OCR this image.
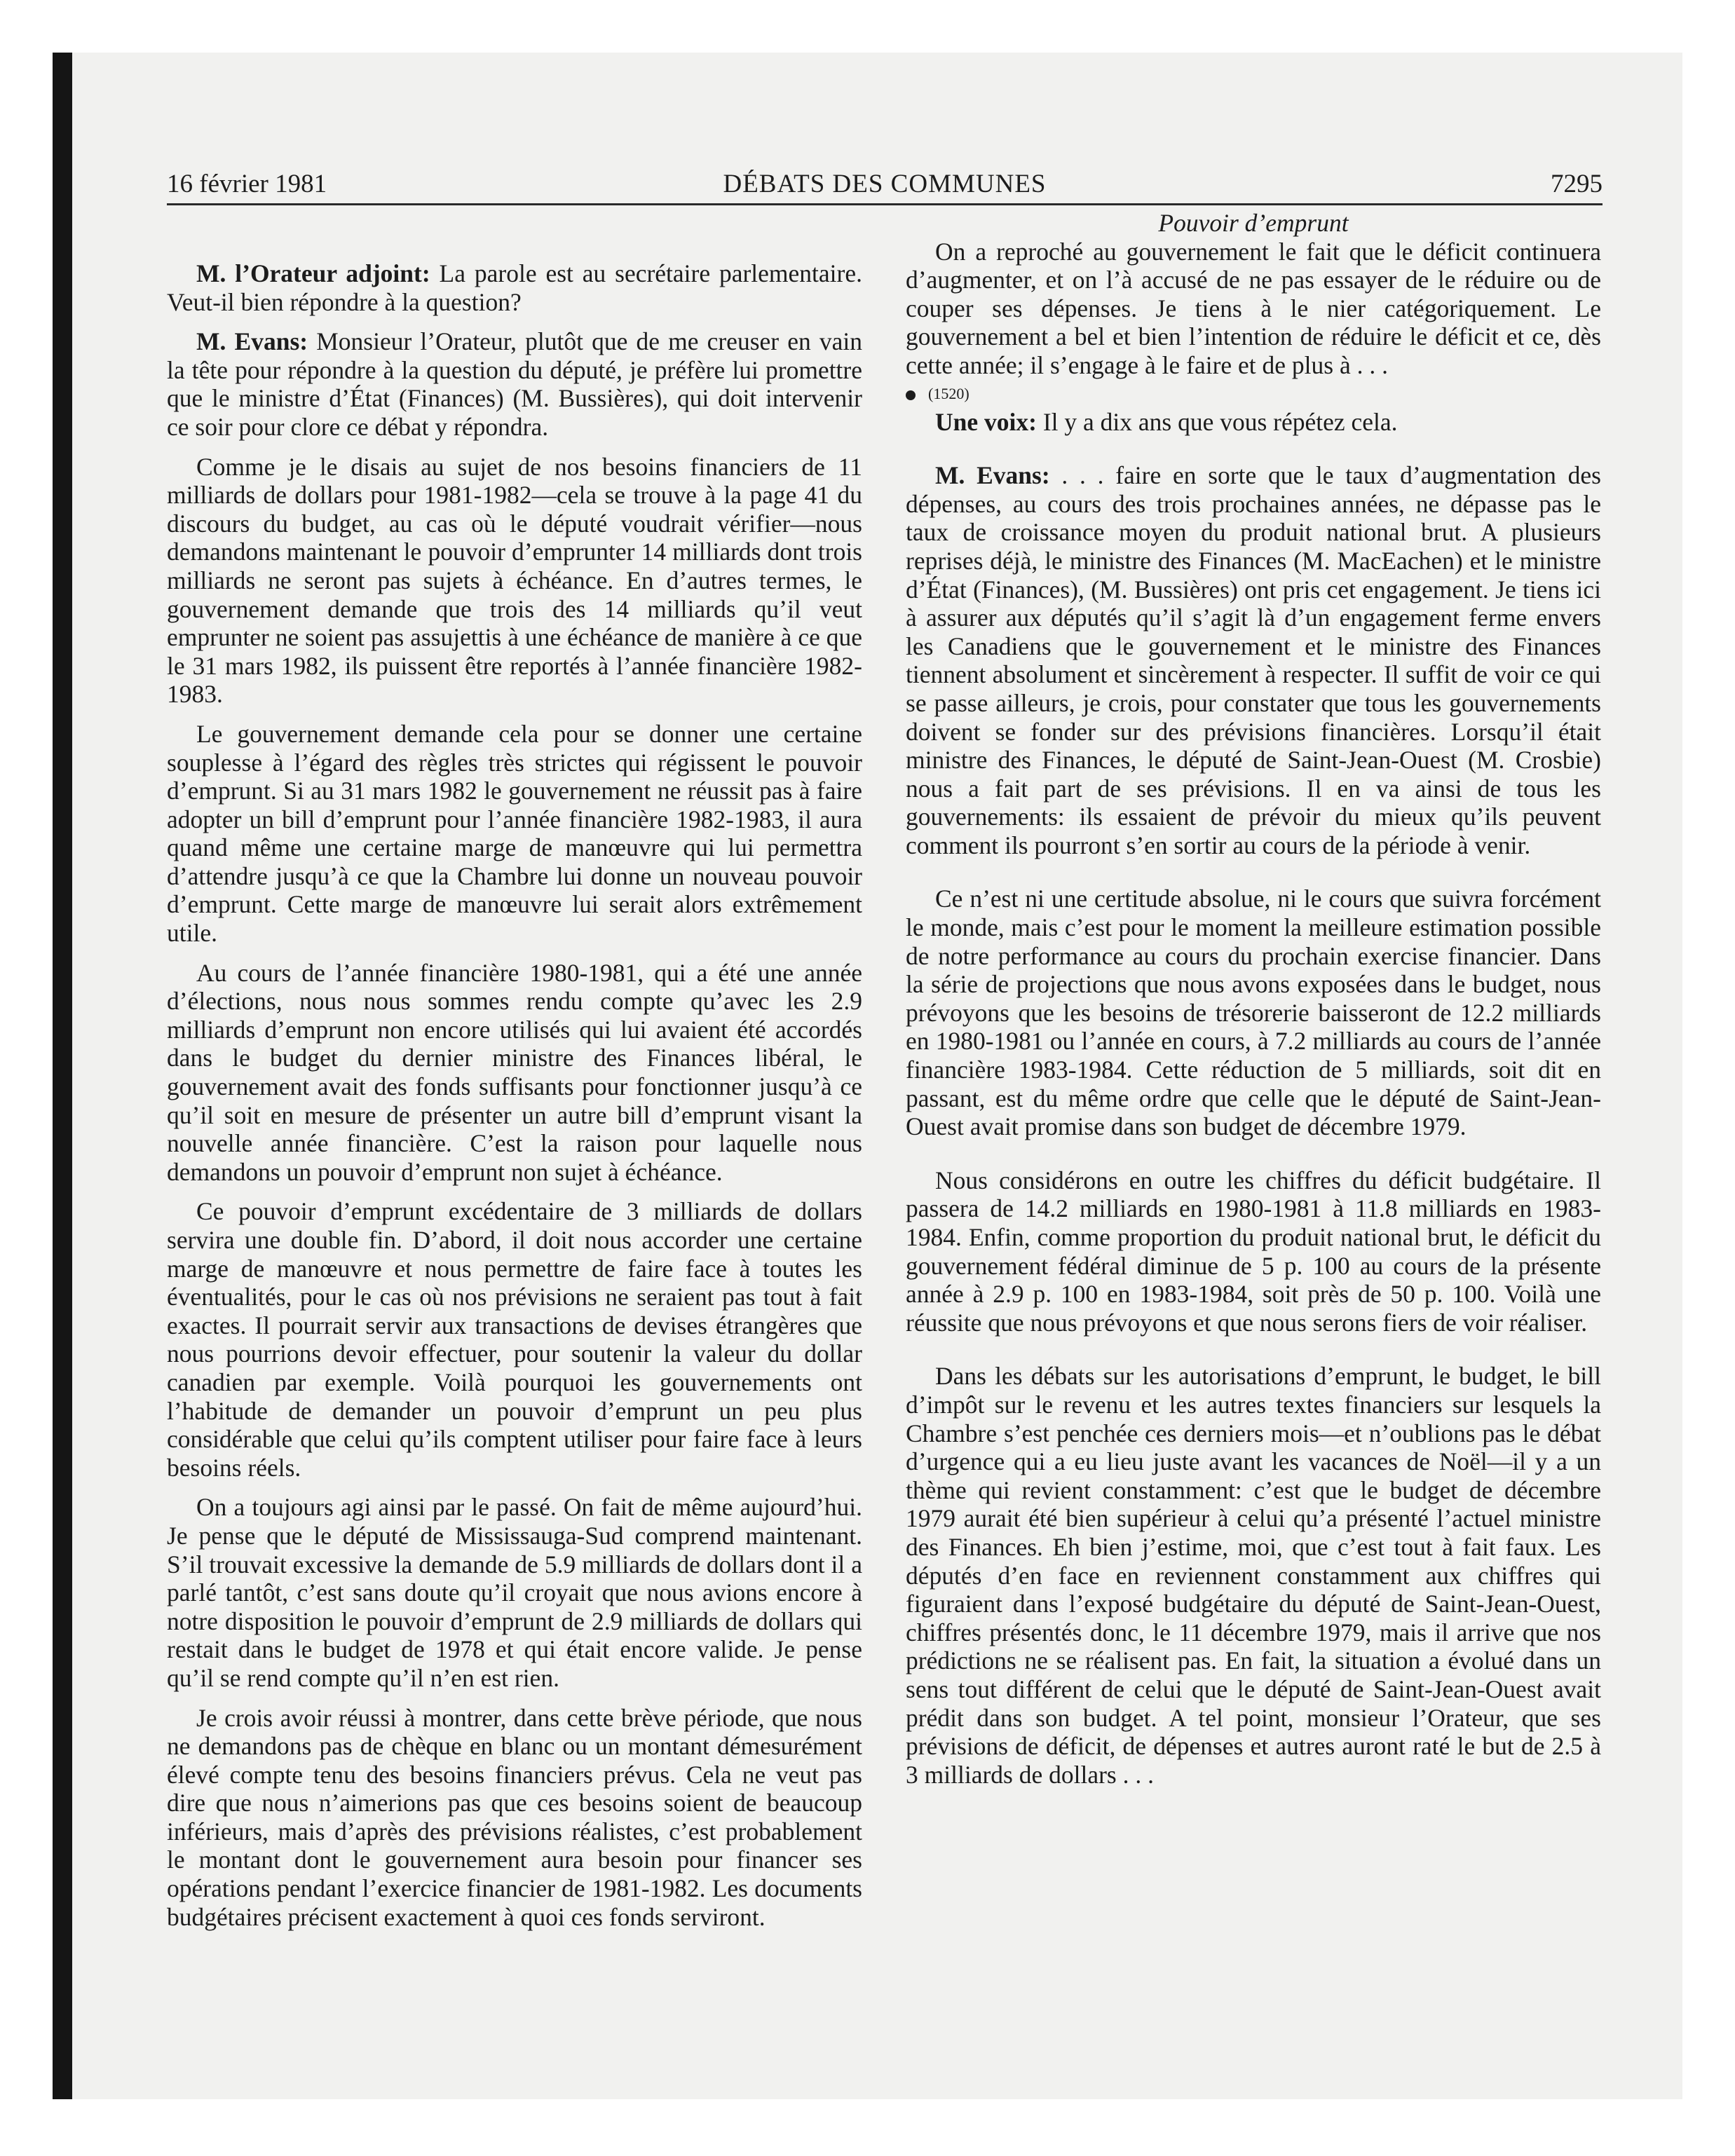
16 février 1981	DÉBATS DES COMMUNES	7295

M. l’Orateur adjoint: La parole est au secrétaire parlementaire. Veut-il bien répondre à la question?

M. Evans: Monsieur l’Orateur, plutôt que de me creuser en vain la tête pour répondre à la question du député, je préfère lui promettre que le ministre d’État (Finances) (M. Bussières), qui doit intervenir ce soir pour clore ce débat y répondra.

Comme je le disais au sujet de nos besoins financiers de 11 milliards de dollars pour 1981-1982—cela se trouve à la page 41 du discours du budget, au cas où le député voudrait vérifier—nous demandons maintenant le pouvoir d’emprunter 14 milliards dont trois milliards ne seront pas sujets à échéance. En d’autres termes, le gouvernement demande que trois des 14 milliards qu’il veut emprunter ne soient pas assujettis à une échéance de manière à ce que le 31 mars 1982, ils puissent être reportés à l’année financière 1982-1983.

Le gouvernement demande cela pour se donner une certaine souplesse à l’égard des règles très strictes qui régissent le pouvoir d’emprunt. Si au 31 mars 1982 le gouvernement ne réussit pas à faire adopter un bill d’emprunt pour l’année financière 1982-1983, il aura quand même une certaine marge de manœuvre qui lui permettra d’attendre jusqu’à ce que la Chambre lui donne un nouveau pouvoir d’emprunt. Cette marge de manœuvre lui serait alors extrêmement utile.

Au cours de l’année financière 1980-1981, qui a été une année d’élections, nous nous sommes rendu compte qu’avec les 2.9 milliards d’emprunt non encore utilisés qui lui avaient été accordés dans le budget du dernier ministre des Finances libéral, le gouvernement avait des fonds suffisants pour fonctionner jusqu’à ce qu’il soit en mesure de présenter un autre bill d’emprunt visant la nouvelle année financière. C’est la raison pour laquelle nous demandons un pouvoir d’emprunt non sujet à échéance.

Ce pouvoir d’emprunt excédentaire de 3 milliards de dollars servira une double fin. D’abord, il doit nous accorder une certaine marge de manœuvre et nous permettre de faire face à toutes les éventualités, pour le cas où nos prévisions ne seraient pas tout à fait exactes. Il pourrait servir aux transactions de devises étrangères que nous pourrions devoir effectuer, pour soutenir la valeur du dollar canadien par exemple. Voilà pourquoi les gouvernements ont l’habitude de demander un pouvoir d’emprunt un peu plus considérable que celui qu’ils comptent utiliser pour faire face à leurs besoins réels.

On a toujours agi ainsi par le passé. On fait de même aujourd’hui. Je pense que le député de Mississauga-Sud comprend maintenant. S’il trouvait excessive la demande de 5.9 milliards de dollars dont il a parlé tantôt, c’est sans doute qu’il croyait que nous avions encore à notre disposition le pouvoir d’emprunt de 2.9 milliards de dollars qui restait dans le budget de 1978 et qui était encore valide. Je pense qu’il se rend compte qu’il n’en est rien.

Je crois avoir réussi à montrer, dans cette brève période, que nous ne demandons pas de chèque en blanc ou un montant démesurément élevé compte tenu des besoins financiers prévus. Cela ne veut pas dire que nous n’aimerions pas que ces besoins soient de beaucoup inférieurs, mais d’après des prévisions réalistes, c’est probablement le montant dont le gouvernement aura besoin pour financer ses opérations pendant l’exercice financier de 1981-1982. Les documents budgétaires précisent exactement à quoi ces fonds serviront.

Pouvoir d’emprunt

On a reproché au gouvernement le fait que le déficit continuera d’augmenter, et on l’à accusé de ne pas essayer de le réduire ou de couper ses dépenses. Je tiens à le nier catégoriquement. Le gouvernement a bel et bien l’intention de réduire le déficit et ce, dès cette année; il s’engage à le faire et de plus à . . .

(1520)

Une voix: Il y a dix ans que vous répétez cela.

M. Evans: . . . faire en sorte que le taux d’augmentation des dépenses, au cours des trois prochaines années, ne dépasse pas le taux de croissance moyen du produit national brut. A plusieurs reprises déjà, le ministre des Finances (M. MacEachen) et le ministre d’État (Finances), (M. Bussières) ont pris cet engagement. Je tiens ici à assurer aux députés qu’il s’agit là d’un engagement ferme envers les Canadiens que le gouvernement et le ministre des Finances tiennent absolument et sincèrement à respecter. Il suffit de voir ce qui se passe ailleurs, je crois, pour constater que tous les gouvernements doivent se fonder sur des prévisions financières. Lorsqu’il était ministre des Finances, le député de Saint-Jean-Ouest (M. Crosbie) nous a fait part de ses prévisions. Il en va ainsi de tous les gouvernements: ils essaient de prévoir du mieux qu’ils peuvent comment ils pourront s’en sortir au cours de la période à venir.

Ce n’est ni une certitude absolue, ni le cours que suivra forcément le monde, mais c’est pour le moment la meilleure estimation possible de notre performance au cours du prochain exercise financier. Dans la série de projections que nous avons exposées dans le budget, nous prévoyons que les besoins de trésorerie baisseront de 12.2 milliards en 1980-1981 ou l’année en cours, à 7.2 milliards au cours de l’année financière 1983-1984. Cette réduction de 5 milliards, soit dit en passant, est du même ordre que celle que le député de Saint-Jean-Ouest avait promise dans son budget de décembre 1979.

Nous considérons en outre les chiffres du déficit budgétaire. Il passera de 14.2 milliards en 1980-1981 à 11.8 milliards en 1983-1984. Enfin, comme proportion du produit national brut, le déficit du gouvernement fédéral diminue de 5 p. 100 au cours de la présente année à 2.9 p. 100 en 1983-1984, soit près de 50 p. 100. Voilà une réussite que nous prévoyons et que nous serons fiers de voir réaliser.

Dans les débats sur les autorisations d’emprunt, le budget, le bill d’impôt sur le revenu et les autres textes financiers sur lesquels la Chambre s’est penchée ces derniers mois—et n’oublions pas le débat d’urgence qui a eu lieu juste avant les vacances de Noël—il y a un thème qui revient constamment: c’est que le budget de décembre 1979 aurait été bien supérieur à celui qu’a présenté l’actuel ministre des Finances. Eh bien j’estime, moi, que c’est tout à fait faux. Les députés d’en face en reviennent constamment aux chiffres qui figuraient dans l’exposé budgétaire du député de Saint-Jean-Ouest, chiffres présentés donc, le 11 décembre 1979, mais il arrive que nos prédictions ne se réalisent pas. En fait, la situation a évolué dans un sens tout différent de celui que le député de Saint-Jean-Ouest avait prédit dans son budget. A tel point, monsieur l’Orateur, que ses prévisions de déficit, de dépenses et autres auront raté le but de 2.5 à 3 milliards de dollars . . .
